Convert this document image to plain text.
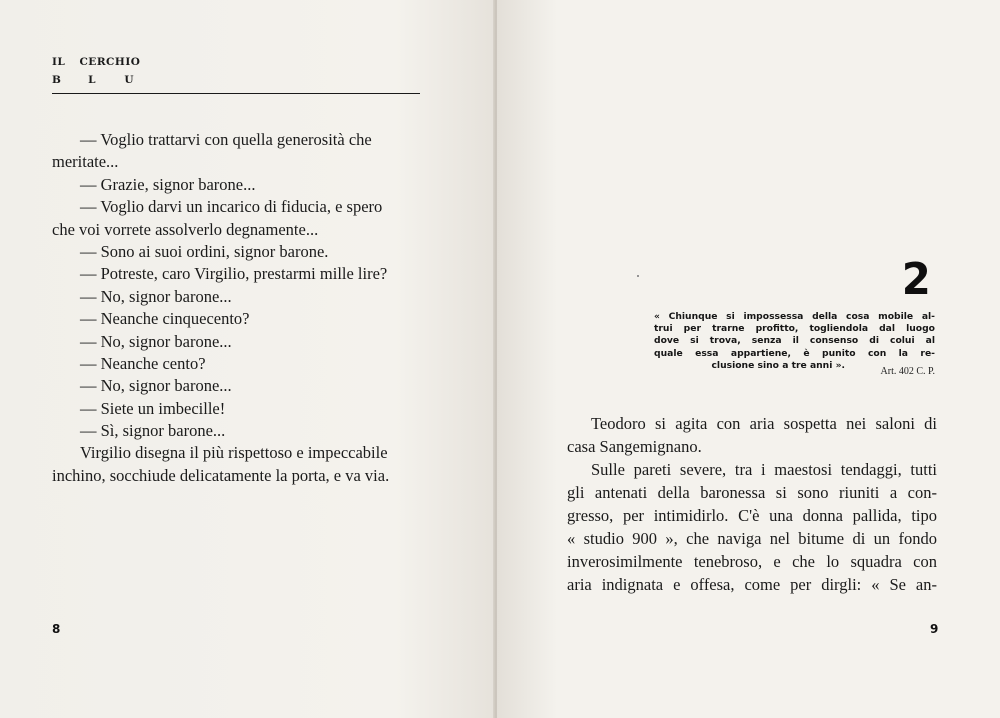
IL CERCHIO
B	L	U

— Voglio trattarvi con quella generosità che

meritate...

— Grazie, signor barone...

— Voglio darvi un incarico di fiducia, e spero

che voi vorrete assolverlo degnamente...

— Sono ai suoi ordini, signor barone.

— Potreste, caro Virgilio, prestarmi mille lire?

— No, signor barone...

— Neanche cinquecento?

— No, signor barone...

— Neanche cento?

— No, signor barone...

— Siete un imbecille!

— Sì, signor barone...

Virgilio disegna il più rispettoso e impeccabile

inchino, socchiude delicatamente la porta, e va via.

8
2
« Chiunque si impossessa della cosa mobile al-
trui per trarne profitto, togliendola dal luogo
dove si trova, senza il consenso di colui al
quale essa appartiene, è punito con la re-
clusione sino a tre anni ».
Art. 402 C. P.

Teodoro si agita con aria sospetta nei saloni di

casa Sangemignano.

Sulle pareti severe, tra i maestosi tendaggi, tutti

gli antenati della baronessa si sono riuniti a con-

gresso, per intimidirlo. C'è una donna pallida, tipo

« studio 900 », che naviga nel bitume di un fondo

inverosimilmente tenebroso, e che lo squadra con

aria indignata e offesa, come per dirgli: « Se an-

9
